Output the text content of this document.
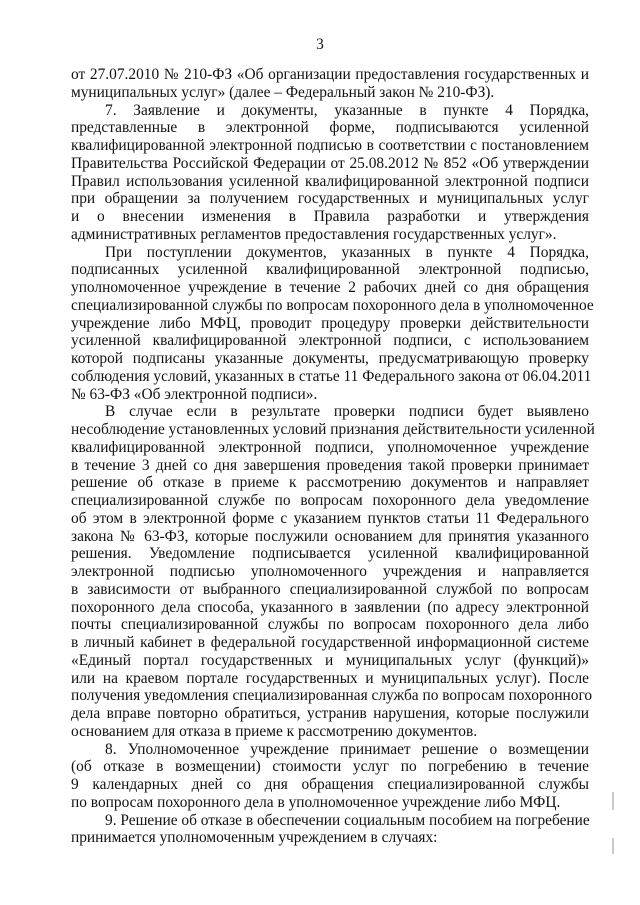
3
от 27.07.2010 № 210-ФЗ «Об организации предоставления государственных и
муниципальных услуг» (далее – Федеральный закон № 210-ФЗ).
7. Заявление и документы, указанные в пункте 4 Порядка,
представленные в электронной форме, подписываются усиленной
квалифицированной электронной подписью в соответствии с постановлением
Правительства Российской Федерации от 25.08.2012 № 852 «Об утверждении
Правил использования усиленной квалифицированной электронной подписи
при обращении за получением государственных и муниципальных услуг
и о внесении изменения в Правила разработки и утверждения
административных регламентов предоставления государственных услуг».
При поступлении документов, указанных в пункте 4 Порядка,
подписанных усиленной квалифицированной электронной подписью,
уполномоченное учреждение в течение 2 рабочих дней со дня обращения
специализированной службы по вопросам похоронного дела в уполномоченное
учреждение либо МФЦ, проводит процедуру проверки действительности
усиленной квалифицированной электронной подписи, с использованием
которой подписаны указанные документы, предусматривающую проверку
соблюдения условий, указанных в статье 11 Федерального закона от 06.04.2011
№ 63-ФЗ «Об электронной подписи».
В случае если в результате проверки подписи будет выявлено
несоблюдение установленных условий признания действительности усиленной
квалифицированной электронной подписи, уполномоченное учреждение
в течение 3 дней со дня завершения проведения такой проверки принимает
решение об отказе в приеме к рассмотрению документов и направляет
специализированной службе по вопросам похоронного дела уведомление
об этом в электронной форме с указанием пунктов статьи 11 Федерального
закона № 63-ФЗ, которые послужили основанием для принятия указанного
решения. Уведомление подписывается усиленной квалифицированной
электронной подписью уполномоченного учреждения и направляется
в зависимости от выбранного специализированной службой по вопросам
похоронного дела способа, указанного в заявлении (по адресу электронной
почты специализированной службы по вопросам похоронного дела либо
в личный кабинет в федеральной государственной информационной системе
«Единый портал государственных и муниципальных услуг (функций)»
или на краевом портале государственных и муниципальных услуг). После
получения уведомления специализированная служба по вопросам похоронного
дела вправе повторно обратиться, устранив нарушения, которые послужили
основанием для отказа в приеме к рассмотрению документов.
8. Уполномоченное учреждение принимает решение о возмещении
(об отказе в возмещении) стоимости услуг по погребению в течение
9 календарных дней со дня обращения специализированной службы
по вопросам похоронного дела в уполномоченное учреждение либо МФЦ.
9. Решение об отказе в обеспечении социальным пособием на погребение
принимается уполномоченным учреждением в случаях:
